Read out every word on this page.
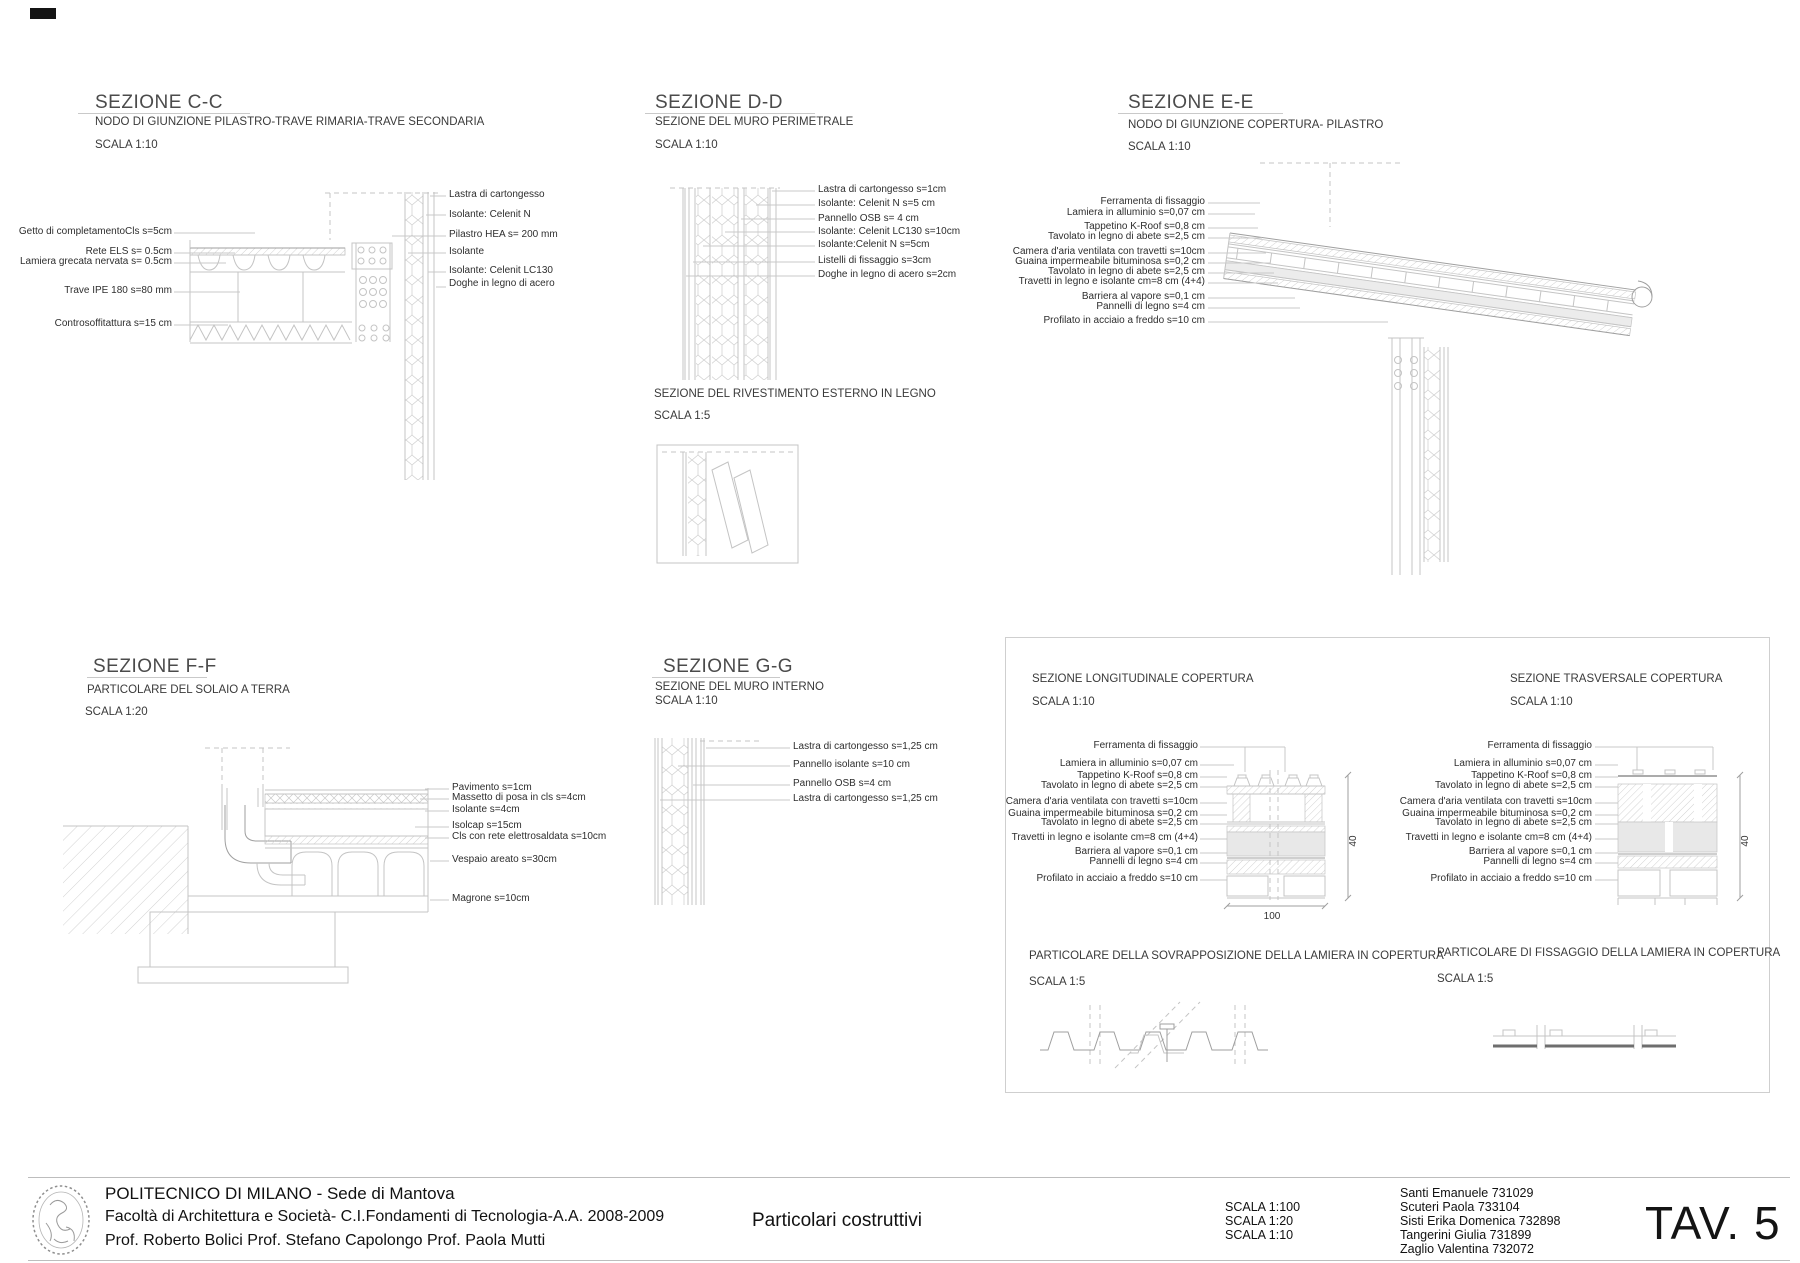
SEZIONE C-C
NODO DI GIUNZIONE PILASTRO-TRAVE RIMARIA-TRAVE SECONDARIA
SCALA 1:10
Getto di completamentoCls s=5cm
Rete ELS s= 0.5cm
Lamiera grecata nervata s= 0.5cm
Trave IPE 180 s=80 mm
Controsoffitattura s=15 cm
Lastra di cartongesso
Isolante: Celenit N
Pilastro HEA s= 200 mm
Isolante
Isolante: Celenit LC130
Doghe in legno di acero
SEZIONE D-D
SEZIONE DEL MURO PERIMETRALE
SCALA 1:10
Lastra di cartongesso s=1cm
Isolante: Celenit N s=5 cm
Pannello OSB s= 4 cm
Isolante: Celenit LC130 s=10cm
Isolante:Celenit N s=5cm
Listelli di fissaggio s=3cm
Doghe in legno di acero s=2cm
SEZIONE DEL RIVESTIMENTO ESTERNO IN LEGNO
SCALA 1:5
SEZIONE E-E
NODO DI GIUNZIONE COPERTURA- PILASTRO
SCALA 1:10
Ferramenta di fissaggio
Lamiera in alluminio s=0,07 cm
Tappetino K-Roof s=0,8 cm
Tavolato in legno di abete s=2,5 cm
Camera d'aria ventilata con travetti s=10cm
Guaina impermeabile bituminosa s=0,2 cm
Tavolato in legno di abete s=2,5 cm
Travetti in legno e isolante cm=8 cm (4+4)
Barriera al vapore s=0,1 cm
Pannelli di legno s=4 cm
Profilato in acciaio a freddo s=10 cm
SEZIONE F-F
PARTICOLARE DEL SOLAIO A TERRA
SCALA 1:20
Pavimento s=1cm
Massetto di posa in cls s=4cm
Isolante s=4cm
Isolcap s=15cm
Cls con rete elettrosaldata s=10cm
Vespaio areato s=30cm
Magrone s=10cm
SEZIONE G-G
SEZIONE DEL MURO INTERNO
SCALA 1:10
Lastra di cartongesso s=1,25 cm
Pannello isolante s=10 cm
Pannello OSB s=4 cm
Lastra di cartongesso s=1,25 cm
SEZIONE LONGITUDINALE COPERTURA
SCALA 1:10
SEZIONE TRASVERSALE COPERTURA
SCALA 1:10
40
100
Ferramenta di fissaggio
Lamiera in alluminio s=0,07 cm
Tappetino K-Roof s=0,8 cm
Tavolato in legno di abete s=2,5 cm
Camera d'aria ventilata con travetti s=10cm
Guaina impermeabile bituminosa s=0,2 cm
Tavolato in legno di abete s=2,5 cm
Travetti in legno e isolante cm=8 cm (4+4)
Barriera al vapore s=0,1 cm
Pannelli di legno s=4 cm
Profilato in acciaio a freddo s=10 cm
40
Ferramenta di fissaggio
Lamiera in alluminio s=0,07 cm
Tappetino K-Roof s=0,8 cm
Tavolato in legno di abete s=2,5 cm
Camera d'aria ventilata con travetti s=10cm
Guaina impermeabile bituminosa s=0,2 cm
Tavolato in legno di abete s=2,5 cm
Travetti in legno e isolante cm=8 cm (4+4)
Barriera al vapore s=0,1 cm
Pannelli di legno s=4 cm
Profilato in acciaio a freddo s=10 cm
PARTICOLARE DELLA SOVRAPPOSIZIONE DELLA LAMIERA IN COPERTURA
SCALA 1:5
PARTICOLARE DI FISSAGGIO DELLA LAMIERA IN COPERTURA
SCALA 1:5
POLITECNICO DI MILANO - Sede di Mantova
Facoltà di Architettura e Società- C.I.Fondamenti di Tecnologia-A.A. 2008-2009
Prof. Roberto Bolici Prof. Stefano Capolongo Prof. Paola Mutti
Particolari costruttivi
SCALA 1:100
SCALA 1:20
SCALA 1:10
Santi Emanuele 731029
Scuteri Paola 733104
Sisti Erika Domenica 732898
Tangerini Giulia 731899
Zaglio Valentina 732072 TAV. 5
